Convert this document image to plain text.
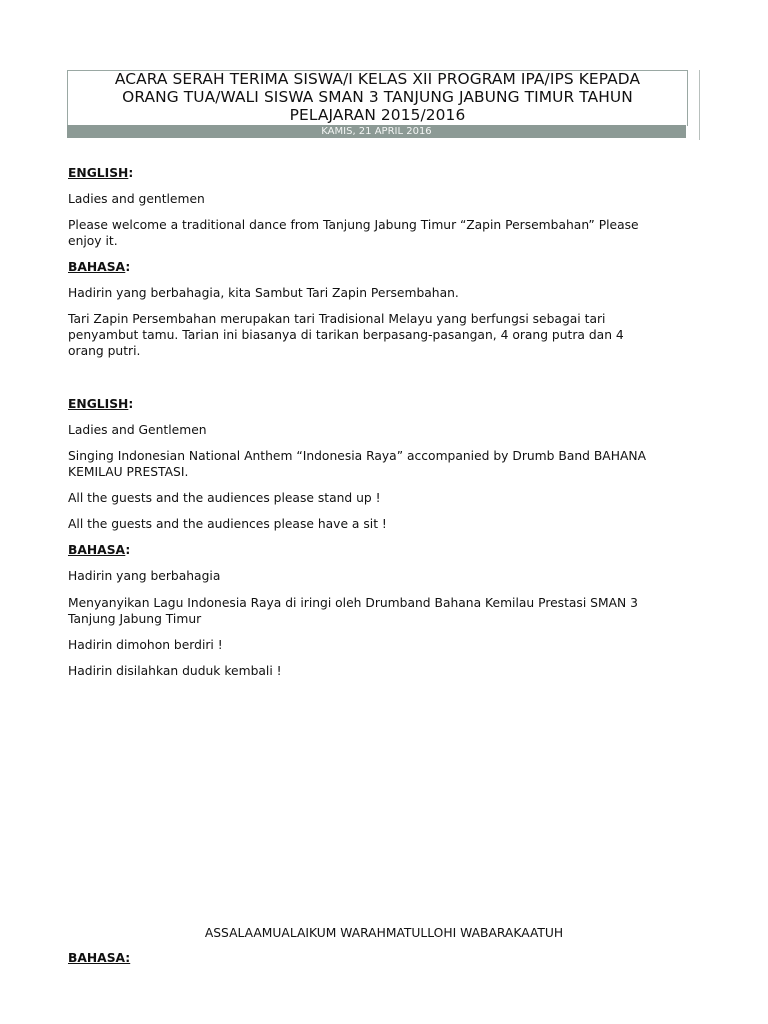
ACARA SERAH TERIMA SISWA/I KELAS XII PROGRAM IPA/IPS KEPADA
ORANG TUA/WALI SISWA SMAN 3 TANJUNG JABUNG TIMUR TAHUN
PELAJARAN 2015/2016
KAMIS, 21 APRIL 2016

ENGLISH:

Ladies and gentlemen

Please welcome a traditional dance from Tanjung Jabung Timur “Zapin Persembahan” Please

enjoy it.

BAHASA:

Hadirin yang berbahagia, kita Sambut Tari Zapin Persembahan.

Tari Zapin Persembahan merupakan tari Tradisional Melayu yang berfungsi sebagai tari

penyambut tamu. Tarian ini biasanya di tarikan berpasang-pasangan, 4 orang putra dan 4

orang putri.

ENGLISH:

Ladies and Gentlemen

Singing Indonesian National Anthem “Indonesia Raya” accompanied by Drumb Band BAHANA

KEMILAU PRESTASI.

All the guests and the audiences please stand up !

All the guests and the audiences please have a sit !

BAHASA:

Hadirin yang berbahagia

Menyanyikan Lagu Indonesia Raya di iringi oleh Drumband Bahana Kemilau Prestasi SMAN 3

Tanjung Jabung Timur

Hadirin dimohon berdiri !

Hadirin disilahkan duduk kembali !

ASSALAAMUALAIKUM WARAHMATULLOHI WABARAKAATUH

BAHASA:
